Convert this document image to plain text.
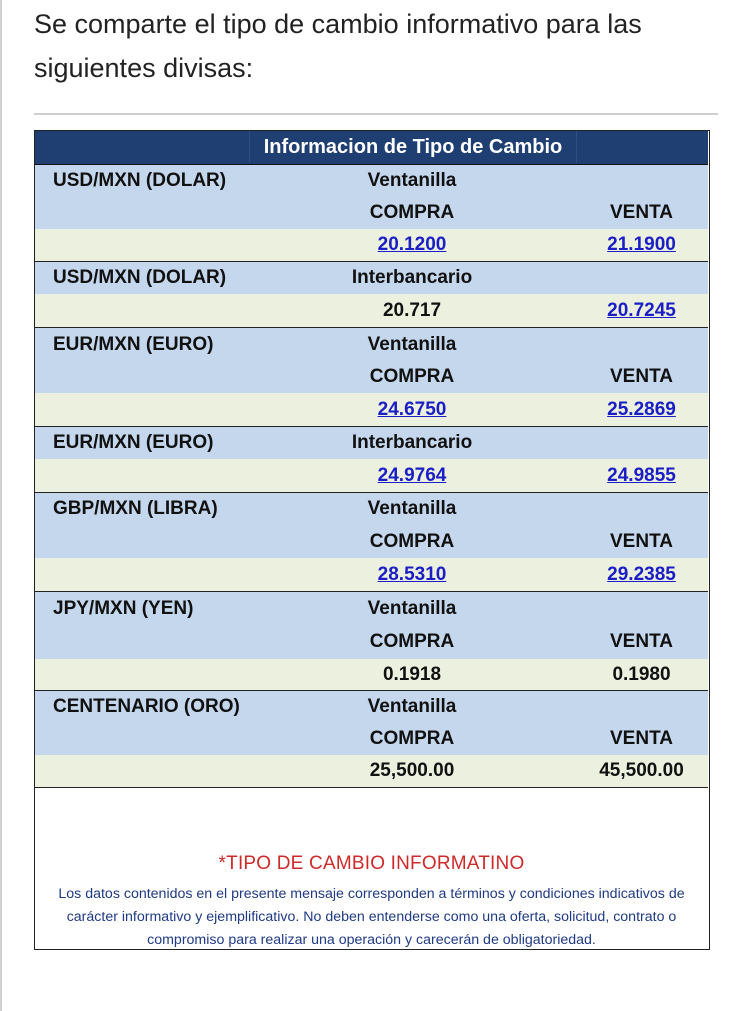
Se comparte el tipo de cambio informativo para las siguientes divisas:

Informacion de Tipo de Cambio
USD/MXN (DOLAR)	Ventanilla
COMPRA	VENTA
20.1200	21.1900
USD/MXN (DOLAR)	Interbancario
20.717	20.7245
EUR/MXN (EURO)	Ventanilla
COMPRA	VENTA
24.6750	25.2869
EUR/MXN (EURO)	Interbancario
24.9764	24.9855
GBP/MXN (LIBRA)	Ventanilla
COMPRA	VENTA
28.5310	29.2385
JPY/MXN (YEN)	Ventanilla
COMPRA	VENTA
0.1918	0.1980
CENTENARIO (ORO)	Ventanilla
COMPRA	VENTA
25,500.00	45,500.00
*TIPO DE CAMBIO INFORMATINO
Los datos contenidos en el presente mensaje corresponden a términos y condiciones indicativos de carácter informativo y ejemplificativo. No deben entenderse como una oferta, solicitud, contrato o compromiso para realizar una operación y carecerán de obligatoriedad.
